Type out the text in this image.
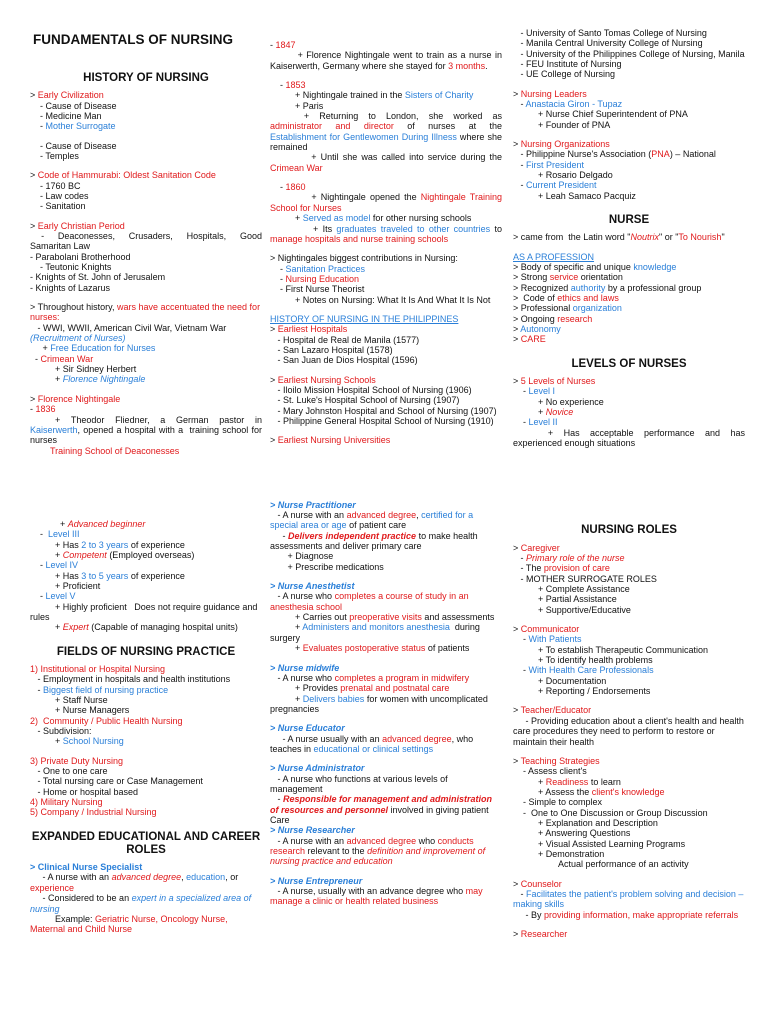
FUNDAMENTALS OF NURSING
HISTORY OF NURSING
> Early Civilization
- Cause of Disease
- Medicine Man
- Mother Surrogate
- Cause of Disease
- Temples
> Code of Hammurabi: Oldest Sanitation Code
- 1760 BC
- Law codes
- Sanitation
> Early Christian Period
-     Deaconesses,     Crusaders,     Hospitals,     Good Samaritan Law
- Parabolani Brotherhood
- Teutonic Knights
- Knights of St. John of Jerusalem
- Knights of Lazarus
> Throughout history, wars have accentuated the need for nurses:
- WWI, WWII, American Civil War, Vietnam War (Recruitment of Nurses)
+ Free Education for Nurses
- Crimean War
+ Sir Sidney Herbert
+ Florence Nightingale
> Florence Nightingale
- 1836
+   Theodor   Fliedner,   a   German   pastor   in Kaiserwerth, opened a hospital with a  training school for nurses
Training School of Deaconesses
+ Advanced beginner
-  Level III
+ Has 2 to 3 years of experience
+ Competent (Employed overseas)
- Level IV
+ Has 3 to 5 years of experience
+ Proficient
- Level V
+ Highly proficient   Does not require guidance and rules
+ Expert (Capable of managing hospital units)
FIELDS OF NURSING PRACTICE
1) Institutional or Hospital Nursing
- Employment in hospitals and health institutions
- Biggest field of nursing practice
+ Staff Nurse
+ Nurse Managers
2)  Community / Public Health Nursing
- Subdivision:
+ School Nursing
3) Private Duty Nursing
- One to one care
- Total nursing care or Case Management
- Home or hospital based
4) Military Nursing
5) Company / Industrial Nursing
EXPANDED EDUCATIONAL AND CAREER ROLES
> Clinical Nurse Specialist
- A nurse with an advanced degree, education, or experience
- Considered to be an expert in a specialized area of nursing
Example: Geriatric Nurse, Oncology Nurse, Maternal and Child Nurse
- 1847
+ Florence Nightingale went to train as a nurse in Kaiserwerth, Germany where she stayed for 3 months.
- 1853
+ Nightingale trained in the Sisters of Charity
+ Paris
+   Returning   to   London,   she   worked   as administrator   and   director   of   nurses   at   the Establishment for Gentlewomen During Illness where she remained
+ Until she was called into service during the Crimean War
- 1860
+ Nightingale opened the Nightingale Training School for Nurses
+ Served as model for other nursing schools
+ Its graduates traveled to other countries to manage hospitals and nurse training schools
> Nightingales biggest contributions in Nursing:
- Sanitation Practices
- Nursing Education
- First Nurse Theorist
+ Notes on Nursing: What It Is And What It Is Not
HISTORY OF NURSING IN THE PHILIPPINES
> Earliest Hospitals
- Hospital de Real de Manila (1577)
- San Lazaro Hospital (1578)
- San Juan de Dios Hospital (1596)
> Earliest Nursing Schools
- Iloilo Mission Hospital School of Nursing (1906)
- St. Luke's Hospital School of Nursing (1907)
- Mary Johnston Hospital and School of Nursing (1907)
- Philippine General Hospital School of Nursing (1910)
> Earliest Nursing Universities
> Nurse Practitioner
- A nurse with an advanced degree, certified for a special area or age of patient care
- Delivers independent practice to make health assessments and deliver primary care
+ Diagnose
+ Prescribe medications
> Nurse Anesthetist
- A nurse who completes a course of study in an anesthesia school
+ Carries out preoperative visits and assessments
+ Administers and monitors anesthesia  during surgery
+ Evaluates postoperative status of patients
> Nurse midwife
- A nurse who completes a program in midwifery
+ Provides prenatal and postnatal care
+ Delivers babies for women with uncomplicated pregnancies
> Nurse Educator
- A nurse usually with an advanced degree, who teaches in educational or clinical settings
> Nurse Administrator
- A nurse who functions at various levels of management
- Responsible for management and administration of resources and personnel involved in giving patient
Care
> Nurse Researcher
- A nurse with an advanced degree who conducts research relevant to the definition and improvement of nursing practice and education
> Nurse Entrepreneur
- A nurse, usually with an advance degree who may manage a clinic or health related business
- University of Santo Tomas College of Nursing
- Manila Central University College of Nursing
- University of the Philippines College of Nursing, Manila
- FEU Institute of Nursing
- UE College of Nursing
> Nursing Leaders
- Anastacia Giron - Tupaz
+ Nurse Chief Superintendent of PNA
+ Founder of PNA
> Nursing Organizations
- Philippine Nurse's Association (PNA) – National
- First President
+ Rosario Delgado
- Current President
+ Leah Samaco Pacquiz
NURSE
> came from  the Latin word "Noutrix" or "To Nourish"
AS A PROFESSION
> Body of specific and unique knowledge
> Strong service orientation
> Recognized authority by a professional group
>  Code of ethics and laws
> Professional organization
> Ongoing research
> Autonomy
> CARE
LEVELS OF NURSES
> 5 Levels of Nurses
- Level I
+ No experience
+ Novice
- Level II
+   Has   acceptable   performance   and   has experienced enough situations
NURSING ROLES
> Caregiver
- Primary role of the nurse
- The provision of care
- MOTHER SURROGATE ROLES
+ Complete Assistance
+ Partial Assistance
+ Supportive/Educative
> Communicator
- With Patients
+ To establish Therapeutic Communication
+ To identify health problems
- With Health Care Professionals
+ Documentation
+ Reporting / Endorsements
> Teacher/Educator
- Providing education about a client's health and health care procedures they need to perform to restore or maintain their health
> Teaching Strategies
- Assess client's
+ Readiness to learn
+ Assess the client's knowledge
- Simple to complex
-  One to One Discussion or Group Discussion
+ Explanation and Description
+ Answering Questions
+ Visual Assisted Learning Programs
+ Demonstration
Actual performance of an activity
> Counselor
- Facilitates the patient's problem solving and decision – making skills
- By providing information, make appropriate referrals
> Researcher
